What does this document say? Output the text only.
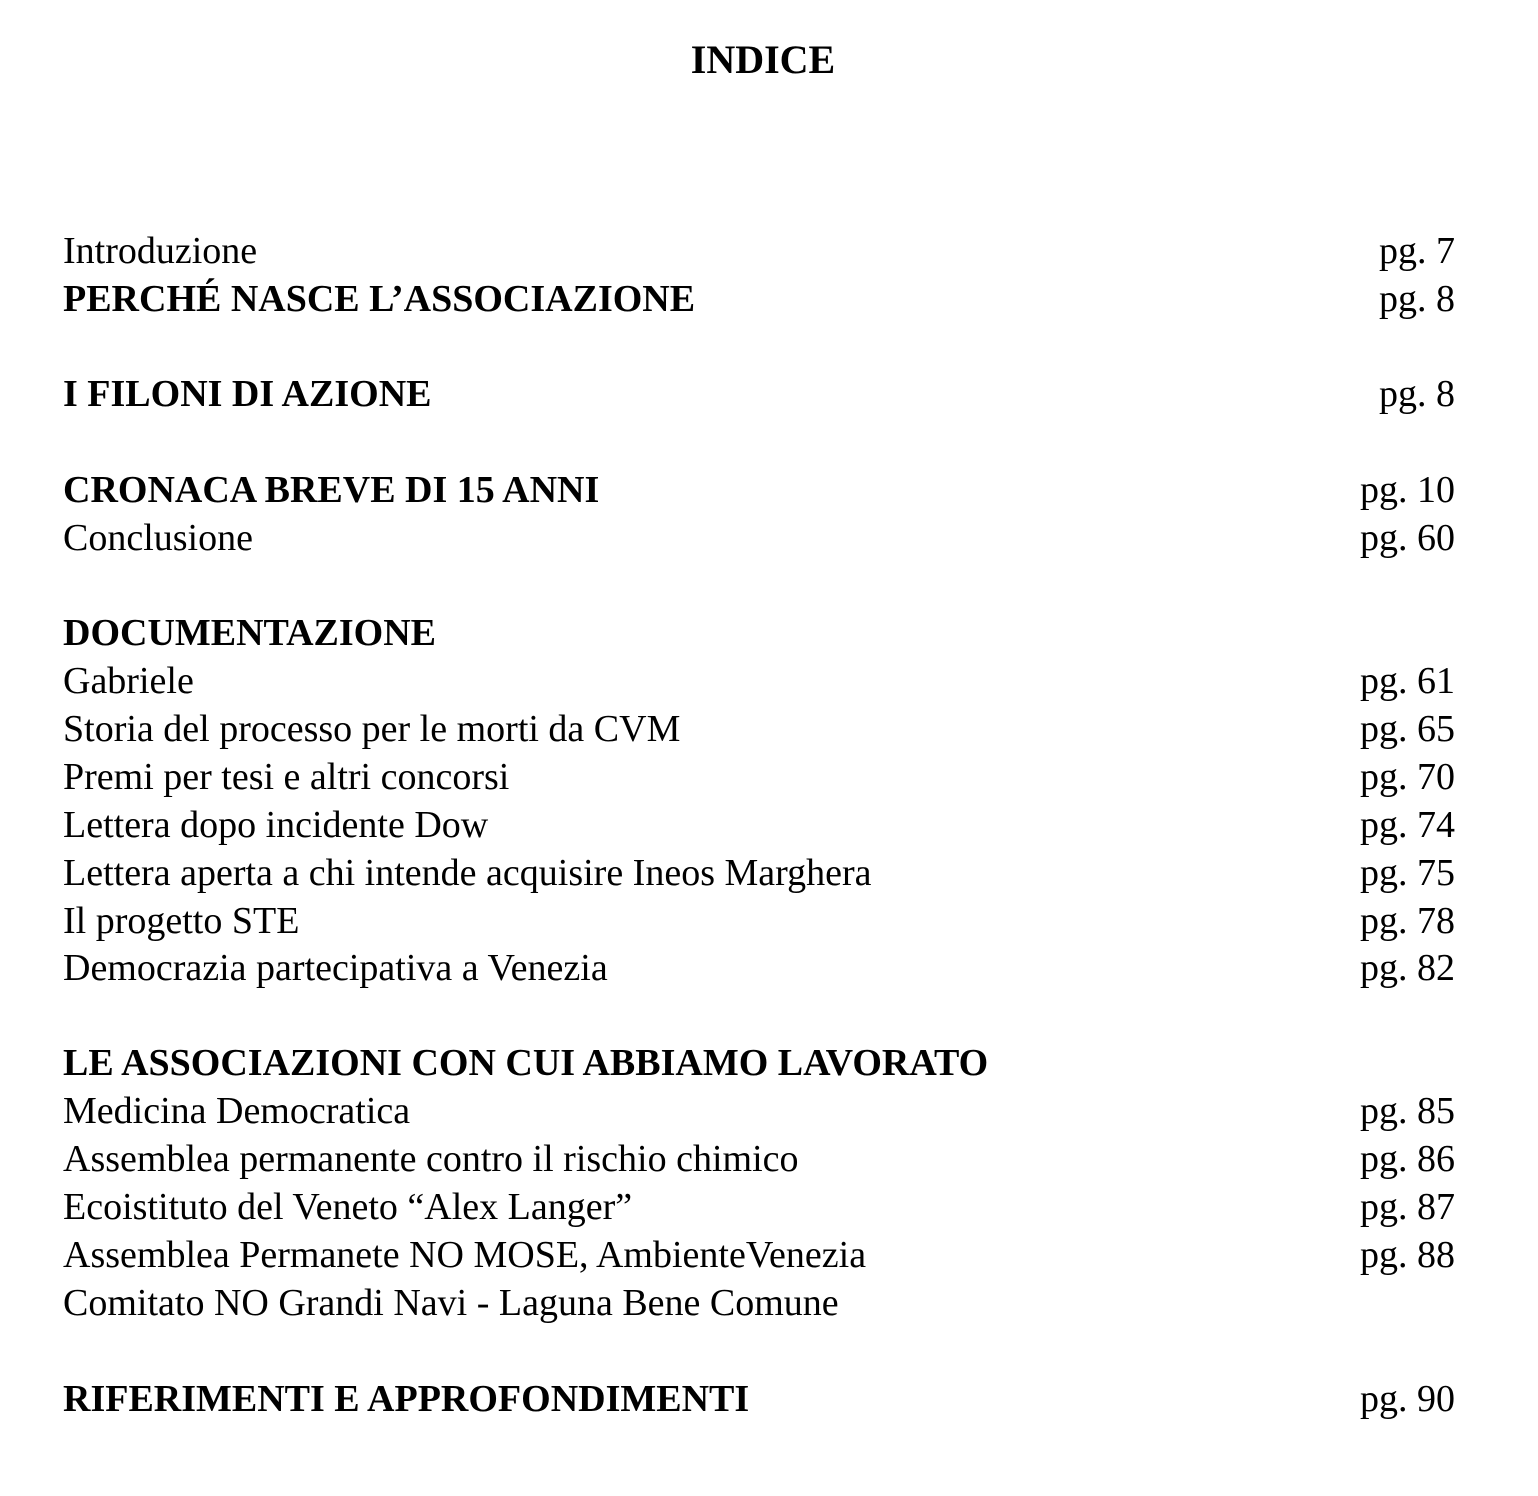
INDICE
Introduzione	pg. 7
PERCHÉ NASCE L’ASSOCIAZIONE	pg. 8
I FILONI DI AZIONE	pg. 8
CRONACA BREVE DI 15 ANNI	pg. 10
Conclusione	pg. 60
DOCUMENTAZIONE
Gabriele	pg. 61
Storia del processo per le morti da CVM	pg. 65
Premi per tesi e altri concorsi	pg. 70
Lettera dopo incidente Dow	pg. 74
Lettera aperta a chi intende acquisire Ineos Marghera	pg. 75
Il progetto STE	pg. 78
Democrazia partecipativa a Venezia	pg. 82
LE ASSOCIAZIONI CON CUI ABBIAMO LAVORATO
Medicina Democratica	pg. 85
Assemblea permanente contro il rischio chimico	pg. 86
Ecoistituto del Veneto “Alex Langer”	pg. 87
Assemblea Permanete NO MOSE, AmbienteVenezia	pg. 88
Comitato NO Grandi Navi - Laguna Bene Comune
RIFERIMENTI E APPROFONDIMENTI	pg. 90
